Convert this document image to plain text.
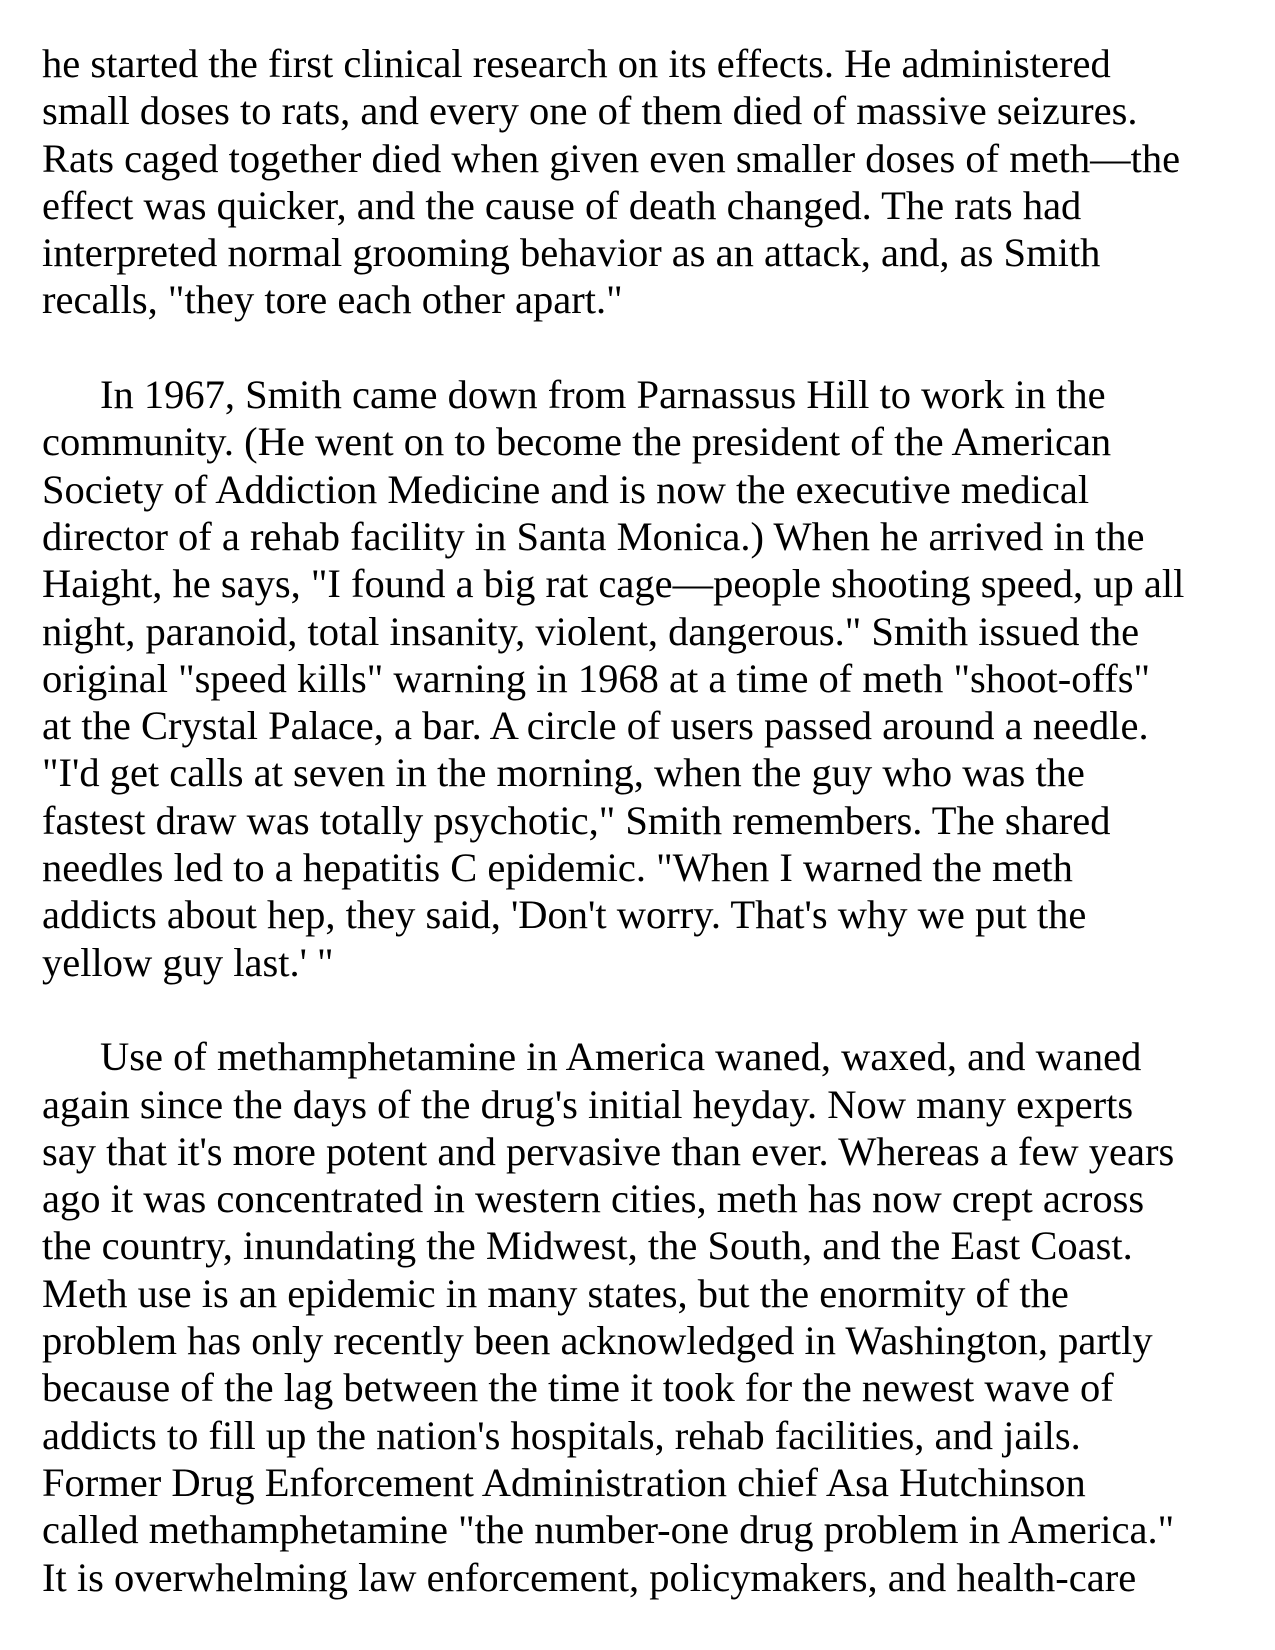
he started the first clinical research on its effects. He administered
small doses to rats, and every one of them died of massive seizures.
Rats caged together died when given even smaller doses of meth—the
effect was quicker, and the cause of death changed. The rats had
interpreted normal grooming behavior as an attack, and, as Smith
recalls, "they tore each other apart."
In 1967, Smith came down from Parnassus Hill to work in the
community. (He went on to become the president of the American
Society of Addiction Medicine and is now the executive medical
director of a rehab facility in Santa Monica.) When he arrived in the
Haight, he says, "I found a big rat cage—people shooting speed, up all
night, paranoid, total insanity, violent, dangerous." Smith issued the
original "speed kills" warning in 1968 at a time of meth "shoot-offs"
at the Crystal Palace, a bar. A circle of users passed around a needle.
"I'd get calls at seven in the morning, when the guy who was the
fastest draw was totally psychotic," Smith remembers. The shared
needles led to a hepatitis C epidemic. "When I warned the meth
addicts about hep, they said, 'Don't worry. That's why we put the
yellow guy last.' "
Use of methamphetamine in America waned, waxed, and waned
again since the days of the drug's initial heyday. Now many experts
say that it's more potent and pervasive than ever. Whereas a few years
ago it was concentrated in western cities, meth has now crept across
the country, inundating the Midwest, the South, and the East Coast.
Meth use is an epidemic in many states, but the enormity of the
problem has only recently been acknowledged in Washington, partly
because of the lag between the time it took for the newest wave of
addicts to fill up the nation's hospitals, rehab facilities, and jails.
Former Drug Enforcement Administration chief Asa Hutchinson
called methamphetamine "the number-one drug problem in America."
It is overwhelming law enforcement, policymakers, and health-care
